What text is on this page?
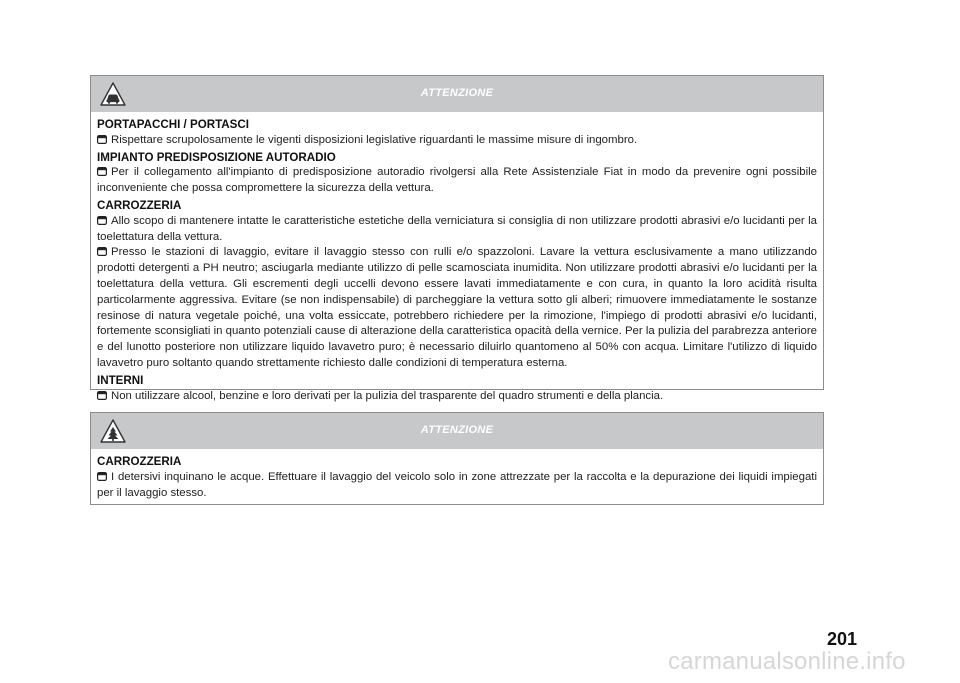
ATTENZIONE
PORTAPACCHI / PORTASCI

Rispettare scrupolosamente le vigenti disposizioni legislative riguardanti le massime misure di ingombro.

IMPIANTO PREDISPOSIZIONE AUTORADIO

Per il collegamento all'impianto di predisposizione autoradio rivolgersi alla Rete Assistenziale Fiat in modo da prevenire ogni possibile inconveniente che possa compromettere la sicurezza della vettura.

CARROZZERIA

Allo scopo di mantenere intatte le caratteristiche estetiche della verniciatura si consiglia di non utilizzare prodotti abrasivi e/o lucidanti per la toelettatura della vettura.

Presso le stazioni di lavaggio, evitare il lavaggio stesso con rulli e/o spazzoloni. Lavare la vettura esclusivamente a mano utilizzando prodotti detergenti a PH neutro; asciugarla mediante utilizzo di pelle scamosciata inumidita. Non utilizzare prodotti abrasivi e/o lucidanti per la toelettatura della vettura. Gli escrementi degli uccelli devono essere lavati immediatamente e con cura, in quanto la loro acidità risulta particolarmente aggressiva. Evitare (se non indispensabile) di parcheggiare la vettura sotto gli alberi; rimuovere immediatamente le sostanze resinose di natura vegetale poiché, una volta essiccate, potrebbero richiedere per la rimozione, l'impiego di prodotti abrasivi e/o lucidanti, fortemente sconsigliati in quanto potenziali cause di alterazione della caratteristica opacità della vernice. Per la pulizia del parabrezza anteriore e del lunotto posteriore non utilizzare liquido lavavetro puro; è necessario diluirlo quantomeno al 50% con acqua. Limitare l'utilizzo di liquido lavavetro puro soltanto quando strettamente richiesto dalle condizioni di temperatura esterna.

INTERNI

Non utilizzare alcool, benzine e loro derivati per la pulizia del trasparente del quadro strumenti e della plancia.

ATTENZIONE
CARROZZERIA

I detersivi inquinano le acque. Effettuare il lavaggio del veicolo solo in zone attrezzate per la raccolta e la depurazione dei liquidi impiegati per il lavaggio stesso.

201
carmanualsonline.info
